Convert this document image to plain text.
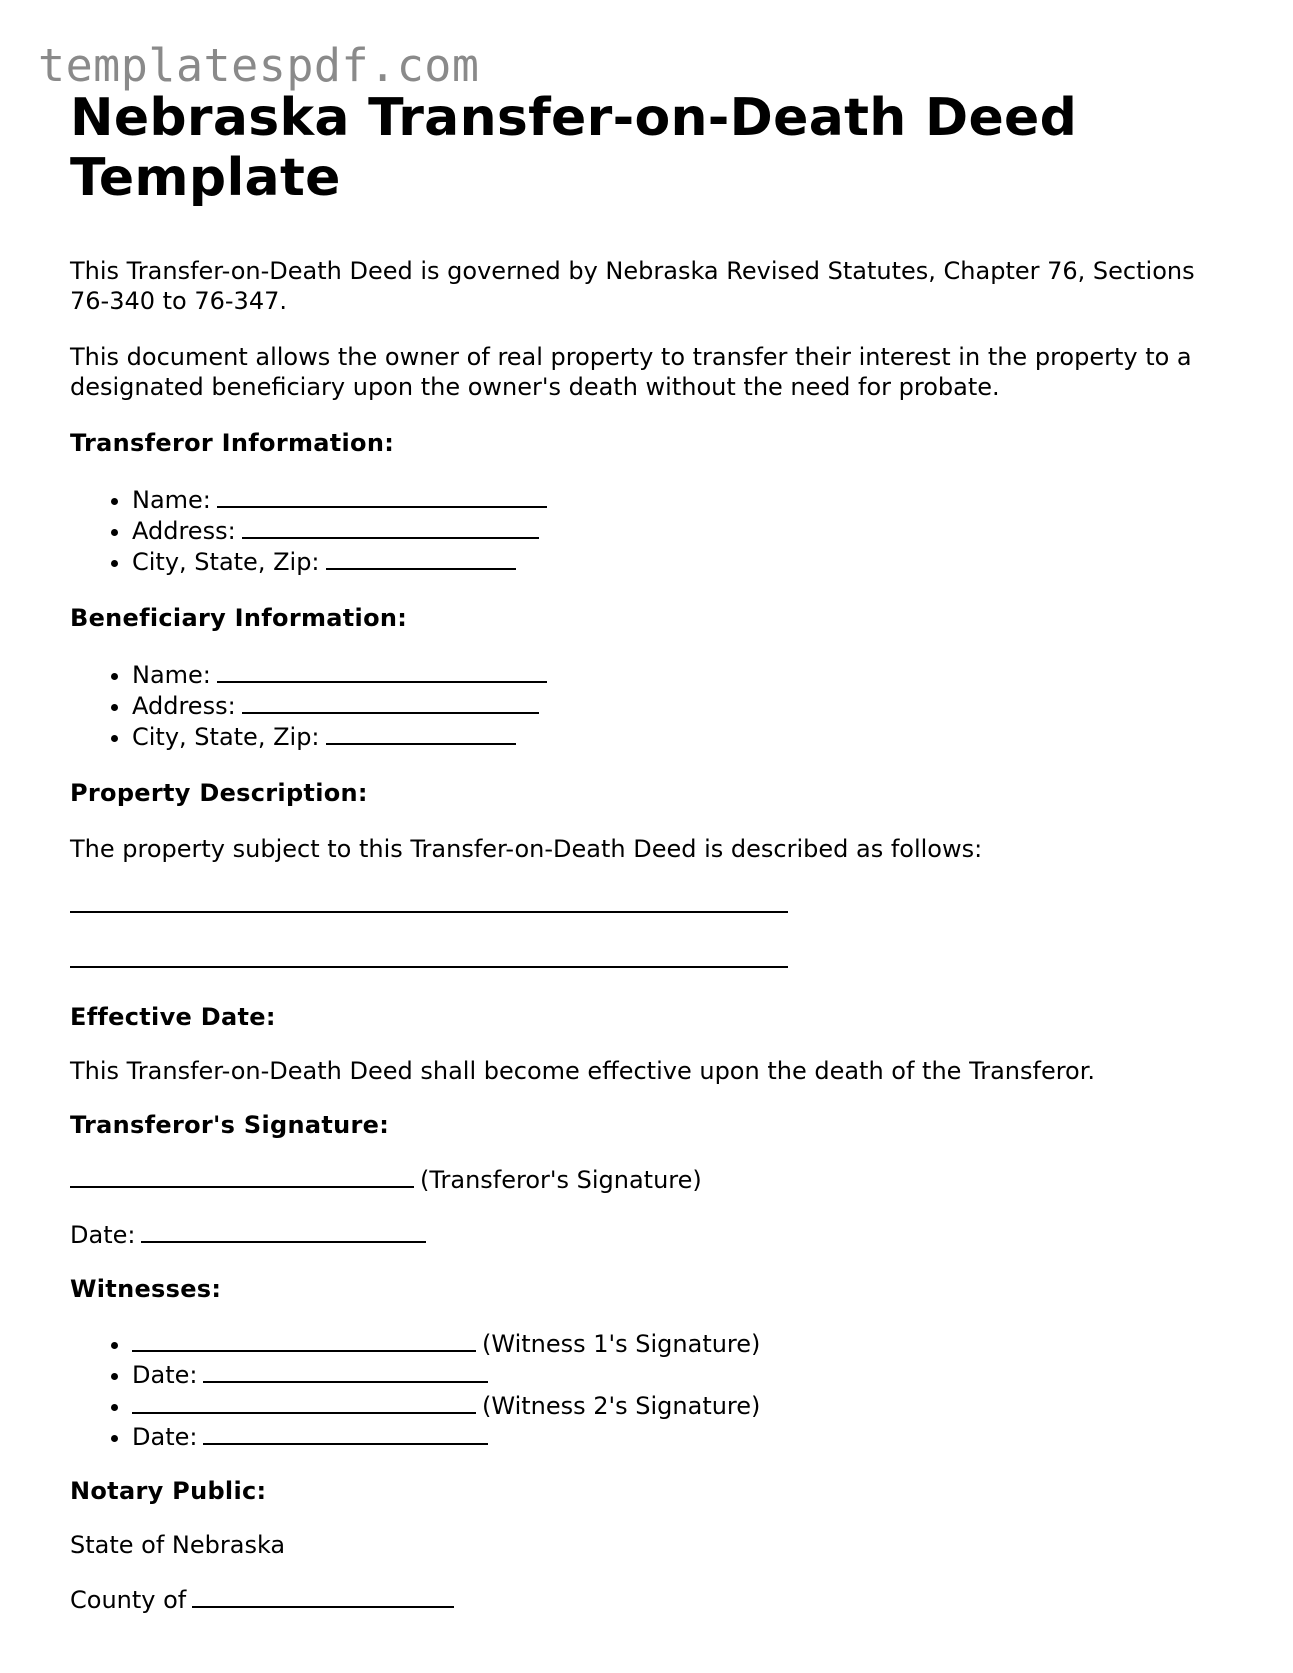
templatespdf.com
Nebraska Transfer-on-Death Deed Template

This Transfer-on-Death Deed is governed by Nebraska Revised Statutes, Chapter 76, Sections 76-340 to 76-347.

This document allows the owner of real property to transfer their interest in the property to a designated beneficiary upon the owner's death without the need for probate.

Transferor Information:

• Name:
• Address:
• City, State, Zip:

Beneficiary Information:

• Name:
• Address:
• City, State, Zip:

Property Description:

The property subject to this Transfer-on-Death Deed is described as follows:

Effective Date:

This Transfer-on-Death Deed shall become effective upon the death of the Transferor.

Transferor's Signature:

(Transferor's Signature)

Date:

Witnesses:

• (Witness 1's Signature)
• Date:
• (Witness 2's Signature)
• Date:

Notary Public:

State of Nebraska

County of
